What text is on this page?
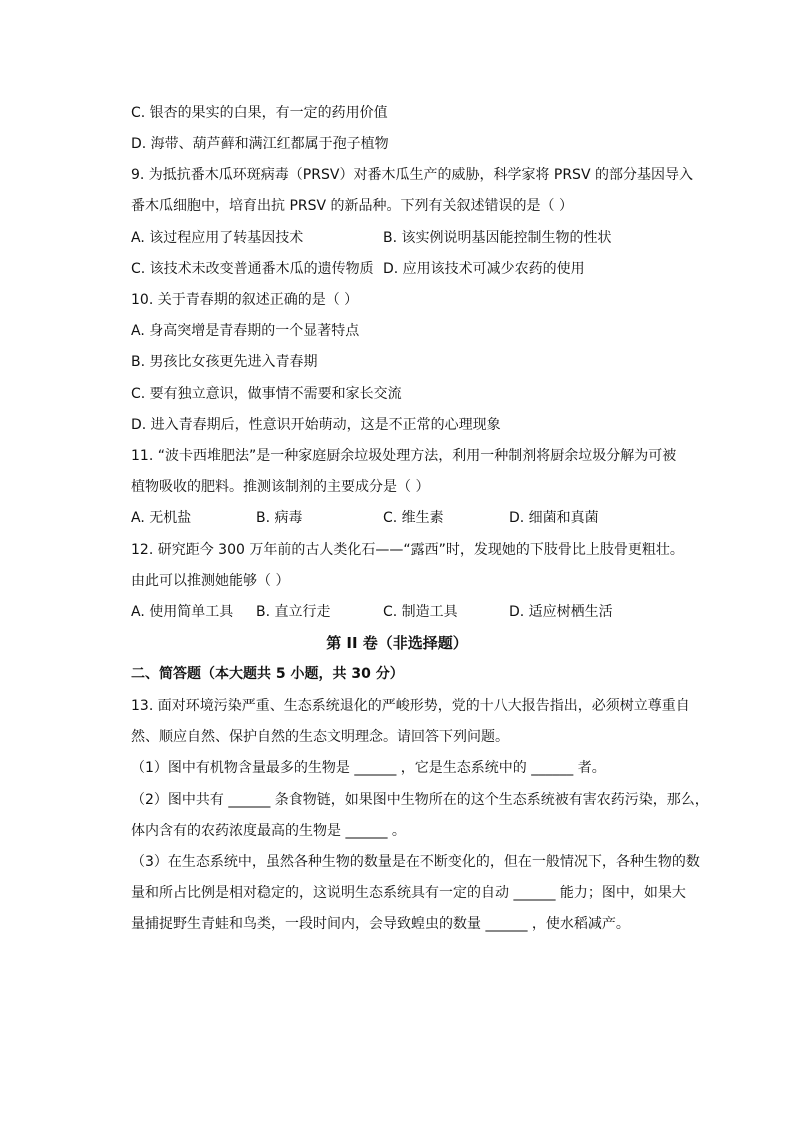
C. 银杏的果实的白果，有一定的药用价值
D. 海带、葫芦藓和满江红都属于孢子植物
9. 为抵抗番木瓜环斑病毒（PRSV）对番木瓜生产的威胁，科学家将 PRSV 的部分基因导入
番木瓜细胞中，培育出抗 PRSV 的新品种。下列有关叙述错误的是（ ）
A. 该过程应用了转基因技术	B. 该实例说明基因能控制生物的性状
C. 该技术未改变普通番木瓜的遗传物质 D. 应用该技术可减少农药的使用
10. 关于青春期的叙述正确的是（ ）
A. 身高突增是青春期的一个显著特点
B. 男孩比女孩更先进入青春期
C. 要有独立意识，做事情不需要和家长交流
D. 进入青春期后，性意识开始萌动，这是不正常的心理现象
11. “波卡西堆肥法”是一种家庭厨余垃圾处理方法，利用一种制剂将厨余垃圾分解为可被
植物吸收的肥料。推测该制剂的主要成分是（ ）
A. 无机盐	B. 病毒	C. 维生素	D. 细菌和真菌
12. 研究距今 300 万年前的古人类化石——“露西”时，发现她的下肢骨比上肢骨更粗壮。
由此可以推测她能够（ ）
A. 使用简单工具 B. 直立行走	C. 制造工具	D. 适应树栖生活
第 II 卷（非选择题）
二、简答题（本大题共 5 小题，共 30 分）
13. 面对环境污染严重、生态系统退化的严峻形势，党的十八大报告指出，必须树立尊重自
然、顺应自然、保护自然的生态文明理念。请回答下列问题。
（1）图中有机物含量最多的生物是 ______ ，它是生态系统中的 ______ 者。
（2）图中共有 ______ 条食物链，如果图中生物所在的这个生态系统被有害农药污染，那么，
体内含有的农药浓度最高的生物是 ______ 。
（3）在生态系统中，虽然各种生物的数量是在不断变化的，但在一般情况下，各种生物的数
量和所占比例是相对稳定的，这说明生态系统具有一定的自动 ______ 能力；图中，如果大
量捕捉野生青蛙和鸟类，一段时间内，会导致蝗虫的数量 ______ ，使水稻减产。
